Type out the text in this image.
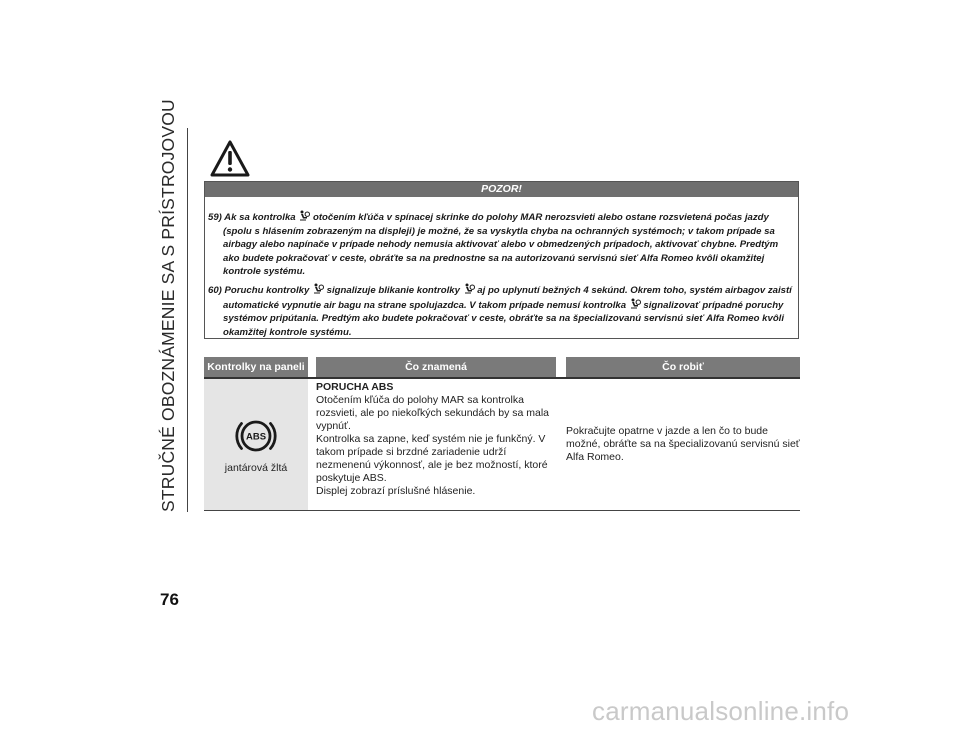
STRUČNÉ OBOZNÁMENIE SA S PRÍSTROJOVOU
76
POZOR!

59) Ak sa kontrolka otočením kľúča v spínacej skrinke do polohy MAR nerozsvieti alebo ostane rozsvietená počas jazdy (spolu s hlásením zobrazeným na displeji) je možné, že sa vyskytla chyba na ochranných systémoch; v takom prípade sa airbagy alebo napínače v prípade nehody nemusia aktivovať alebo v obmedzených prípadoch, aktivovať chybne. Predtým ako budete pokračovať v ceste, obráťte sa na prednostne sa na autorizovanú servisnú sieť Alfa Romeo kvôli okamžitej kontrole systému.

60) Poruchu kontrolky signalizuje blikanie kontrolky aj po uplynutí bežných 4 sekúnd. Okrem toho, systém airbagov zaistí automatické vypnutie air bagu na strane spolujazdca. V takom prípade nemusí kontrolka signalizovať prípadné poruchy systémov pripútania. Predtým ako budete pokračovať v ceste, obráťte sa na špecializovanú servisnú sieť Alfa Romeo kvôli okamžitej kontrole systému.

Kontrolky na paneli	Čo znamená	Čo robiť
ABS
jantárová žltá

PORUCHA ABS

Otočením kľúča do polohy MAR sa kontrolka rozsvieti, ale po niekoľkých sekundách by sa mala vypnúť.

Kontrolka sa zapne, keď systém nie je funkčný. V takom prípade si brzdné zariadenie udrží nezmenenú výkonnosť, ale je bez možností, ktoré poskytuje ABS.

Displej zobrazí príslušné hlásenie.

Pokračujte opatrne v jazde a len čo to bude možné, obráťte sa na špecializovanú servisnú sieť Alfa Romeo.
carmanualsonline.info
